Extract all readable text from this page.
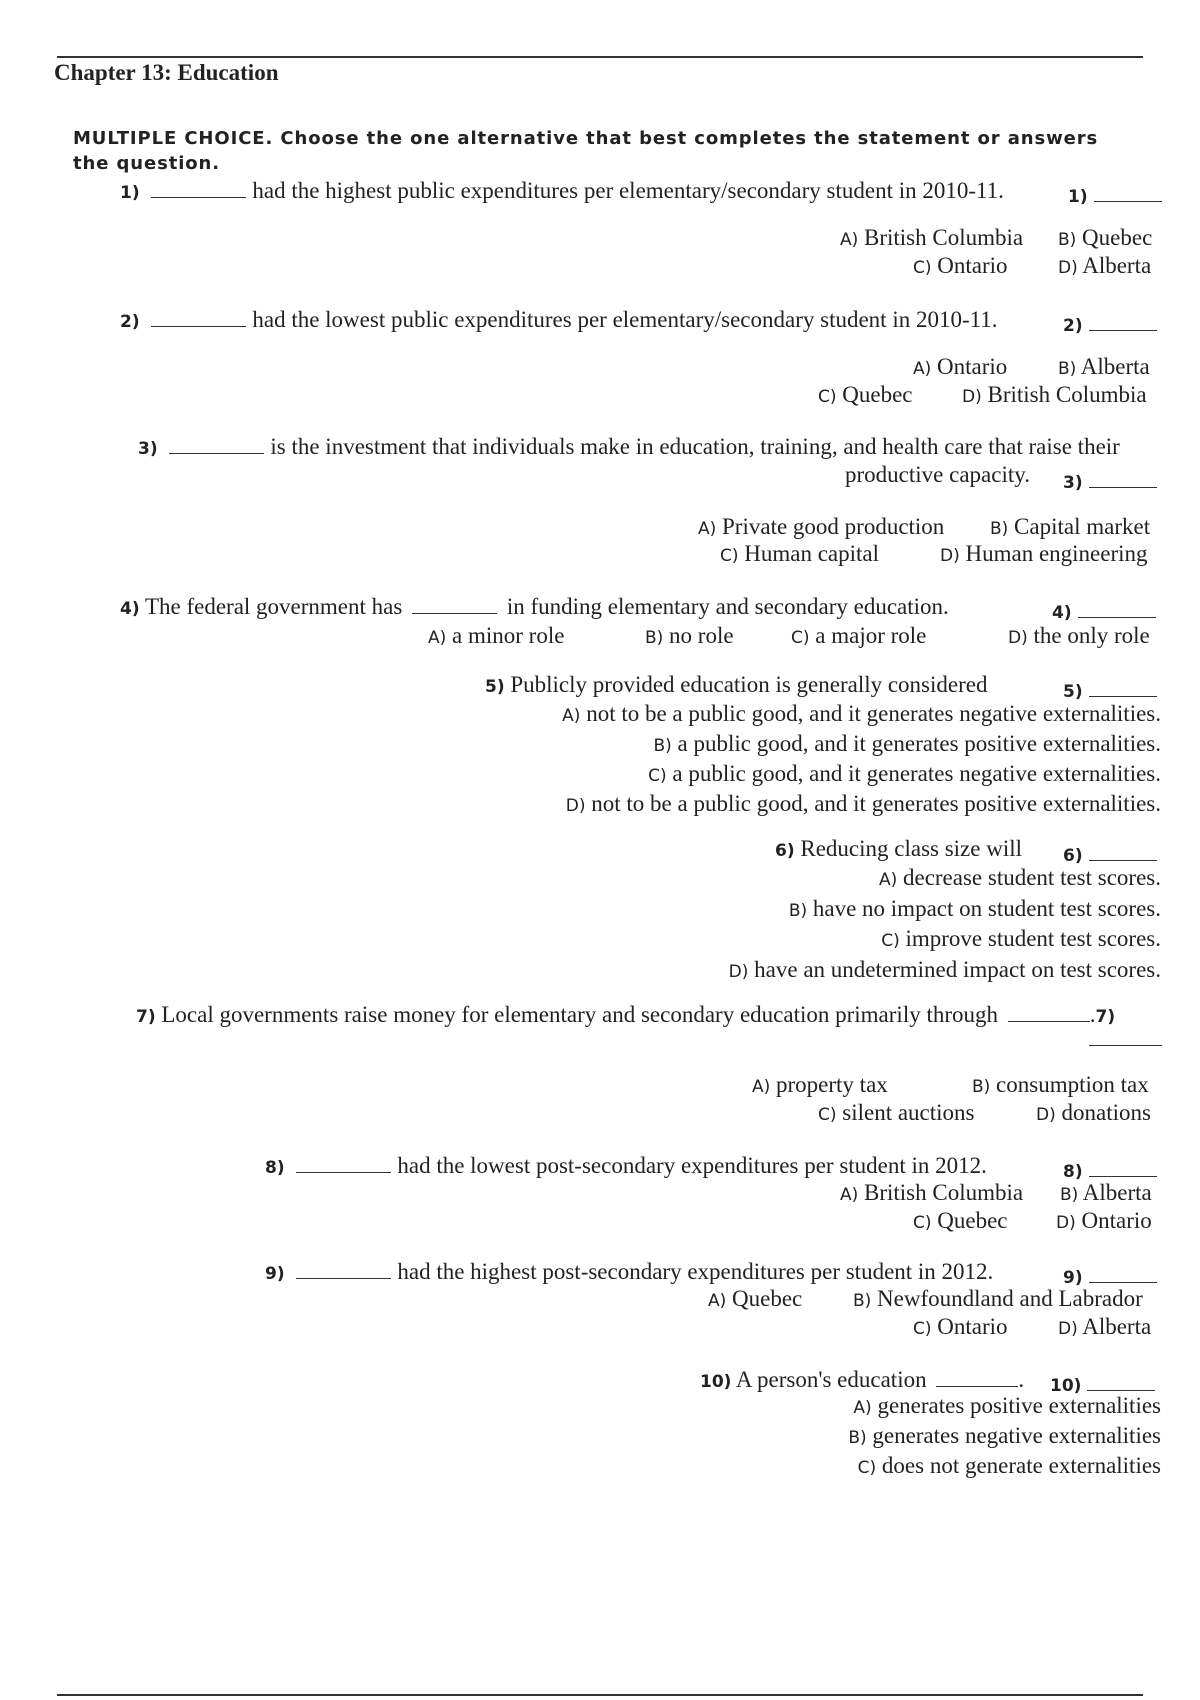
Chapter 13: Education
MULTIPLE CHOICE. Choose the one alternative that best completes the statement or answers
the question.
1)	had the highest public expenditures per elementary/secondary student in 2010-11.	1)
A) British Columbia B) Quebec
C) Ontario	D) Alberta
2)	had the lowest public expenditures per elementary/secondary student in 2010-11.	2)
A) Ontario	B) Alberta
C) Quebec	D) British Columbia
3)	is the investment that individuals make in education, training, and health care that raise their
productive capacity. 3)
A) Private good production	B) Capital market
C) Human capital	D) Human engineering
4) The federal government has	in funding elementary and secondary education.	4)
A) a minor role	B) no role	C) a major role	D) the only role
5) Publicly provided education is generally considered	5)
A) not to be a public good, and it generates negative externalities.
B) a public good, and it generates positive externalities.
C) a public good, and it generates negative externalities.
D) not to be a public good, and it generates positive externalities.
6) Reducing class size will 6)
A) decrease student test scores.
B) have no impact on student test scores.
C) improve student test scores.
D) have an undetermined impact on test scores.
7) Local governments raise money for elementary and secondary education primarily through	.7)
A) property tax	B) consumption tax
C) silent auctions	D) donations
8)	had the lowest post-secondary expenditures per student in 2012.	8)
A) British Columbia B) Alberta
C) Quebec	D) Ontario
9)	had the highest post-secondary expenditures per student in 2012.	9)
A) Quebec	B) Newfoundland and Labrador
C) Ontario	D) Alberta
10) A person's education	. 10)
A) generates positive externalities
B) generates negative externalities
C) does not generate externalities
